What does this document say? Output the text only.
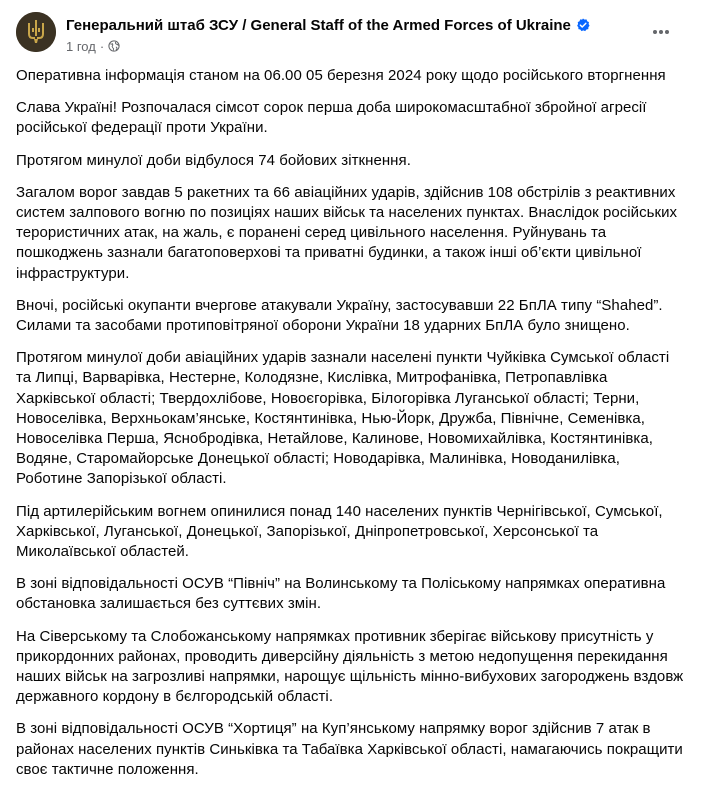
Генеральний штаб ЗСУ / General Staff of the Armed Forces of Ukraine
1 год ·

Оперативна інформація станом на 06.00 05 березня 2024 року щодо російського вторгнення

Слава Україні! Розпочалася сімсот сорок перша доба широкомасштабної збройної агресії російської федерації проти України.

Протягом минулої доби відбулося 74 бойових зіткнення.

Загалом ворог завдав 5 ракетних та 66 авіаційних ударів, здійснив 108 обстрілів з реактивних систем залпового вогню по позиціях наших військ та населених пунктах. Внаслідок російських терористичних атак, на жаль, є поранені серед цивільного населення. Руйнувань та пошкоджень зазнали багатоповерхові та приватні будинки, а також інші об’єкти цивільної інфраструктури.

Вночі, російські окупанти вчергове атакували Україну, застосувавши 22 БпЛА типу “Shahed”. Силами та засобами протиповітряної оборони України 18 ударних БпЛА було знищено.

Протягом минулої доби авіаційних ударів зазнали населені пункти Чуйківка Сумської області та Липці, Варварівка, Нестерне, Колодязне, Кислівка, Митрофанівка, Петропавлівка Харківської області; Твердохлібове, Новоєгорівка, Білогорівка Луганської області; Терни, Новоселівка, Верхньокам’янське, Костянтинівка, Нью-Йорк, Дружба, Північне, Семенівка, Новоселівка Перша, Яснобродівка, Нетайлове, Калинове, Новомихайлівка, Костянтинівка, Водяне, Старомайорське Донецької області; Новодарівка, Малинівка, Новоданилівка, Роботине Запорізької області.

Під артилерійським вогнем опинилися понад 140 населених пунктів Чернігівської, Сумської, Харківської, Луганської, Донецької, Запорізької, Дніпропетровської, Херсонської та Миколаївської областей.

В зоні відповідальності ОСУВ “Північ” на Волинському та Поліському напрямках оперативна обстановка залишається без суттєвих змін.

На Сіверському та Слобожанському напрямках противник зберігає військову присутність у прикордонних районах, проводить диверсійну діяльність з метою недопущення перекидання наших військ на загрозливі напрямки, нарощує щільність мінно-вибухових загороджень вздовж державного кордону в бєлгородській області.

В зоні відповідальності ОСУВ “Хортиця” на Куп’янському напрямку ворог здійснив 7 атак в районах населених пунктів Синьківка та Табаївка Харківської області, намагаючись покращити своє тактичне положення.
